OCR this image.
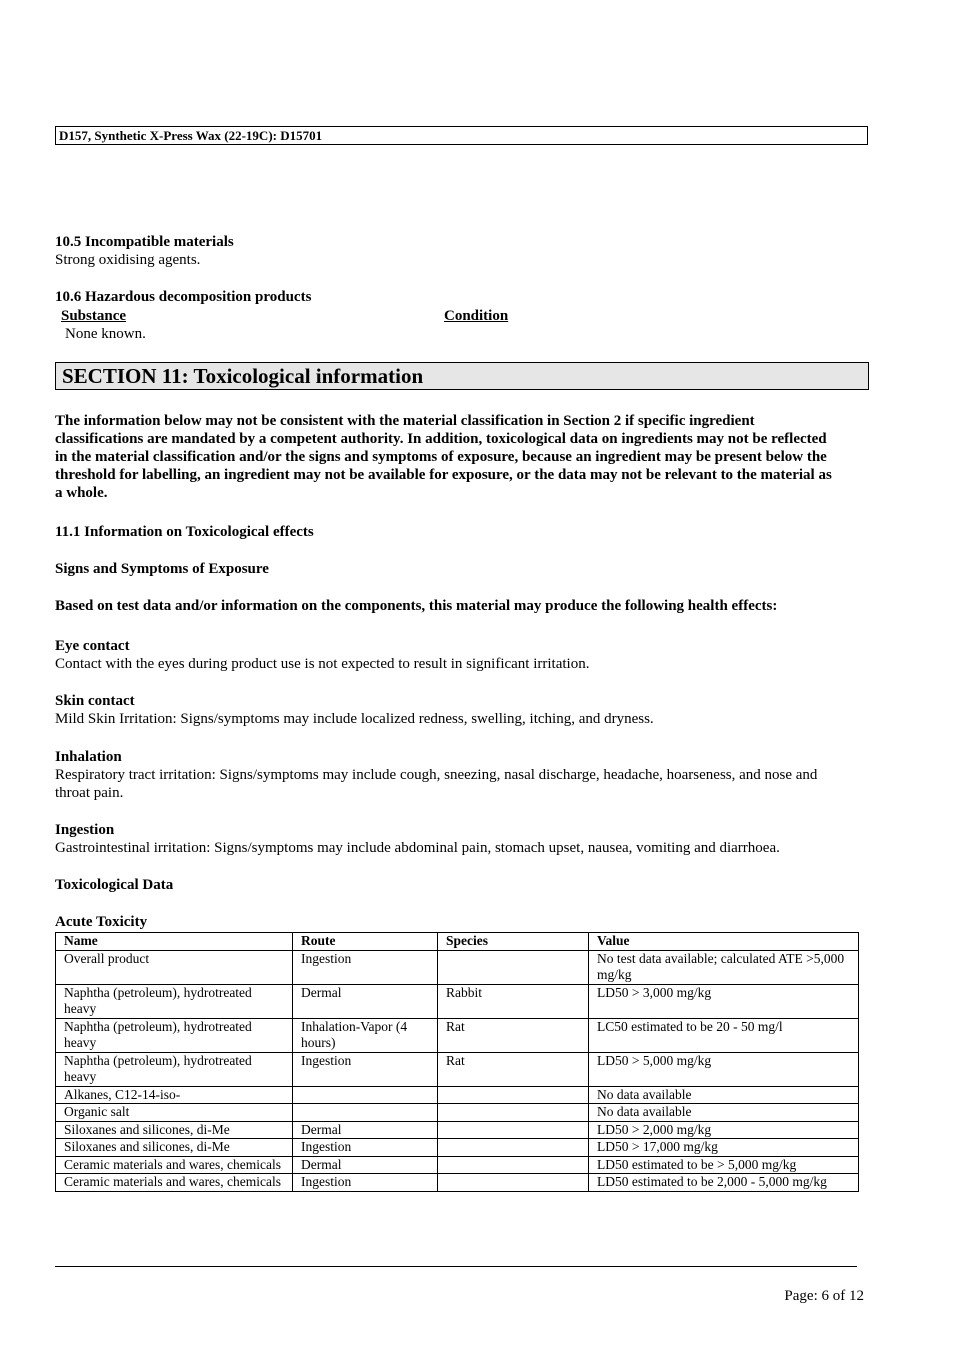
D157, Synthetic X-Press Wax (22-19C): D15701
10.5 Incompatible materials
Strong oxidising agents.
10.6 Hazardous decomposition products
Substance	Condition
None known.
SECTION 11: Toxicological information
The information below may not be consistent with the material classification in Section 2 if specific ingredient classifications are mandated by a competent authority. In addition, toxicological data on ingredients may not be reflected in the material classification and/or the signs and symptoms of exposure, because an ingredient may be present below the threshold for labelling, an ingredient may not be available for exposure, or the data may not be relevant to the material as a whole.
11.1 Information on Toxicological effects
Signs and Symptoms of Exposure
Based on test data and/or information on the components, this material may produce the following health effects:
Eye contact
Contact with the eyes during product use is not expected to result in significant irritation.
Skin contact
Mild Skin Irritation: Signs/symptoms may include localized redness, swelling, itching, and dryness.
Inhalation
Respiratory tract irritation: Signs/symptoms may include cough, sneezing, nasal discharge, headache, hoarseness, and nose and throat pain.
Ingestion
Gastrointestinal irritation: Signs/symptoms may include abdominal pain, stomach upset, nausea, vomiting and diarrhoea.
Toxicological Data
Acute Toxicity
Name	Route	Species	Value
Overall product	Ingestion		No test data available; calculated ATE >5,000 mg/kg
Naphtha (petroleum), hydrotreated heavy	Dermal	Rabbit	LD50 > 3,000 mg/kg
Naphtha (petroleum), hydrotreated heavy	Inhalation-Vapor (4 hours)	Rat	LC50 estimated to be 20 - 50 mg/l
Naphtha (petroleum), hydrotreated heavy	Ingestion	Rat	LD50 > 5,000 mg/kg
Alkanes, C12-14-iso-			No data available
Organic salt			No data available
Siloxanes and silicones, di-Me	Dermal		LD50 > 2,000 mg/kg
Siloxanes and silicones, di-Me	Ingestion		LD50 > 17,000 mg/kg
Ceramic materials and wares, chemicals	Dermal		LD50 estimated to be > 5,000 mg/kg
Ceramic materials and wares, chemicals	Ingestion		LD50 estimated to be 2,000 - 5,000 mg/kg
Page: 6 of 12
